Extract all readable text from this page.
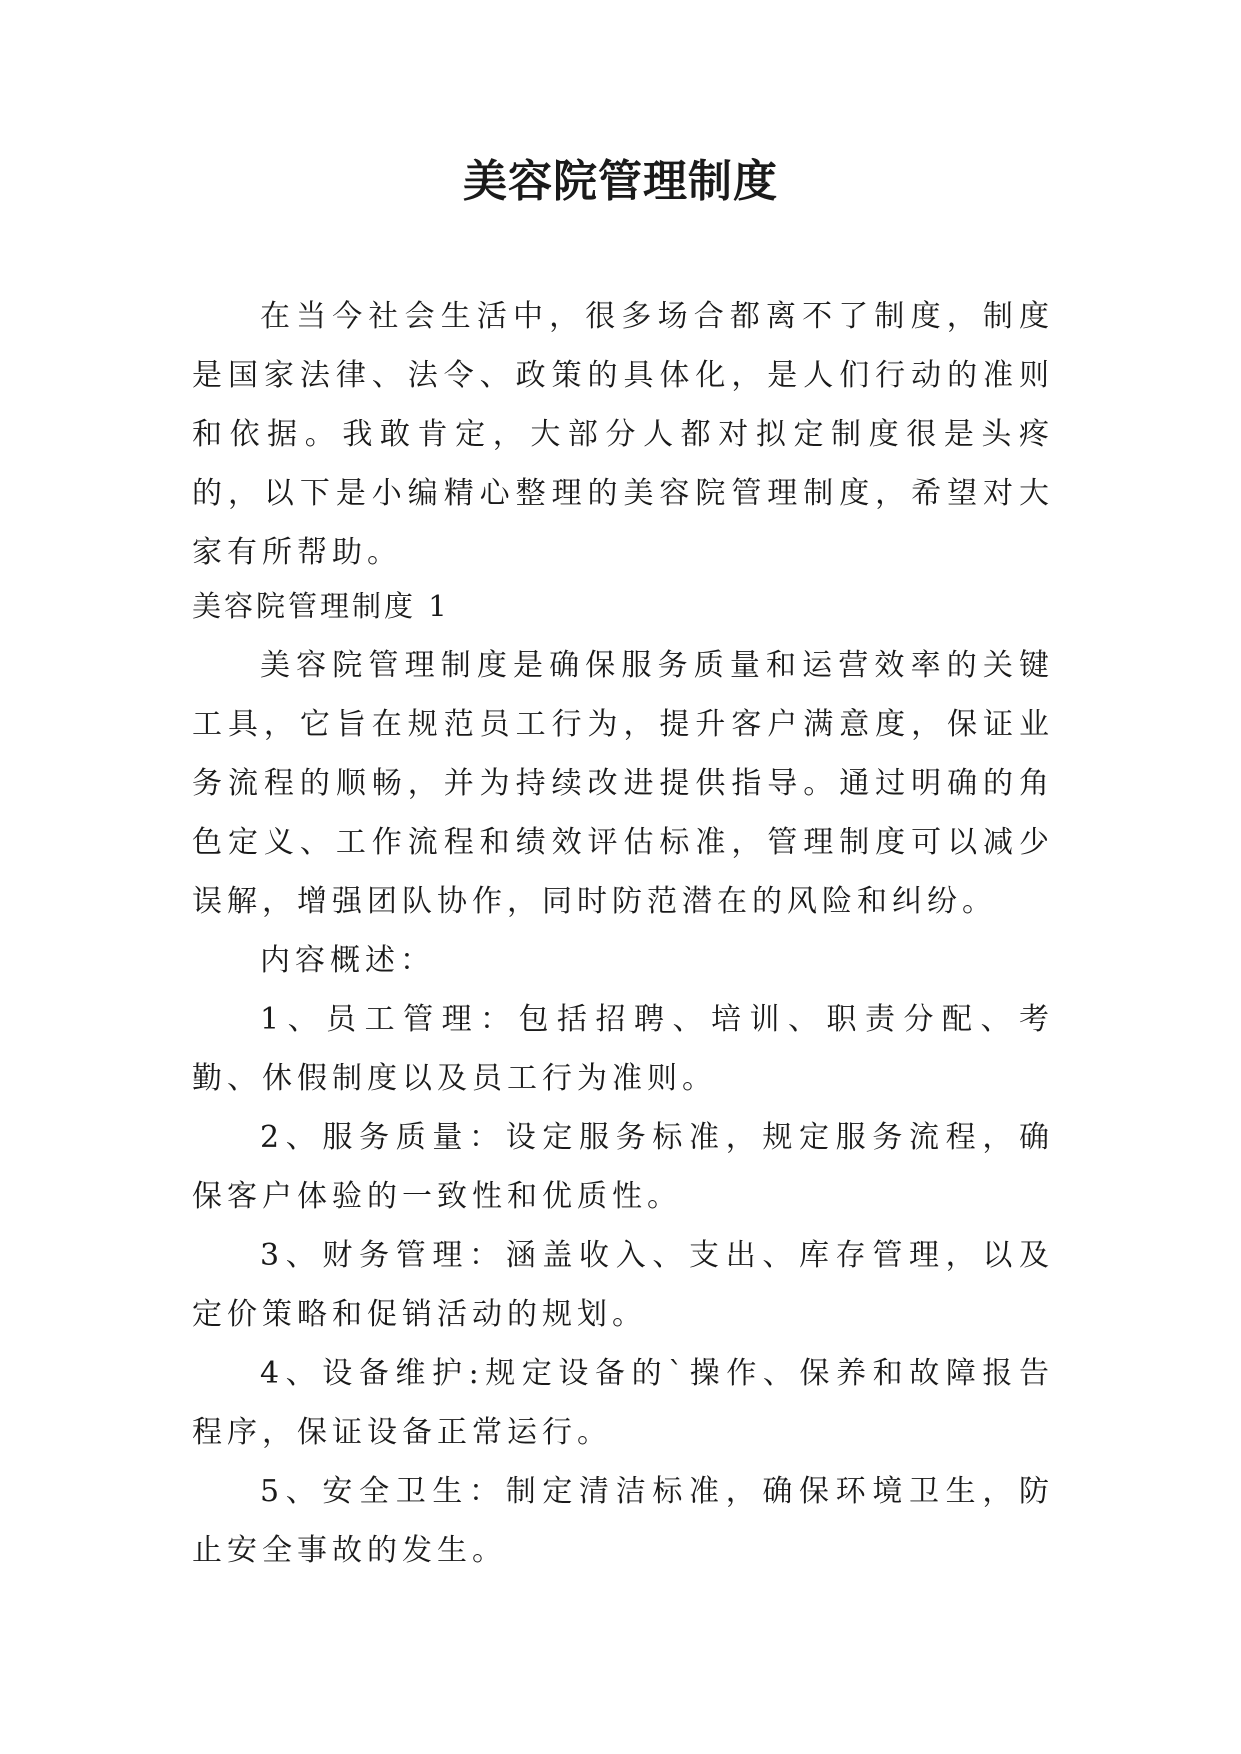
美容院管理制度

在当今社会生活中，很多场合都离不了制度，制度是国家法律、法令、政策的具体化，是人们行动的准则和依据。我敢肯定，大部分人都对拟定制度很是头疼的，以下是小编精心整理的美容院管理制度，希望对大家有所帮助。

美容院管理制度 1

美容院管理制度是确保服务质量和运营效率的关键工具，它旨在规范员工行为，提升客户满意度，保证业务流程的顺畅，并为持续改进提供指导。通过明确的角色定义、工作流程和绩效评估标准，管理制度可以减少误解，增强团队协作，同时防范潜在的风险和纠纷。

内容概述：

1、员工管理：包括招聘、培训、职责分配、考勤、休假制度以及员工行为准则。

2、服务质量：设定服务标准，规定服务流程，确保客户体验的一致性和优质性。

3、财务管理：涵盖收入、支出、库存管理，以及定价策略和促销活动的规划。

4、设备维护:规定设备的`操作、保养和故障报告程序，保证设备正常运行。

5、安全卫生：制定清洁标准，确保环境卫生，防止安全事故的发生。
